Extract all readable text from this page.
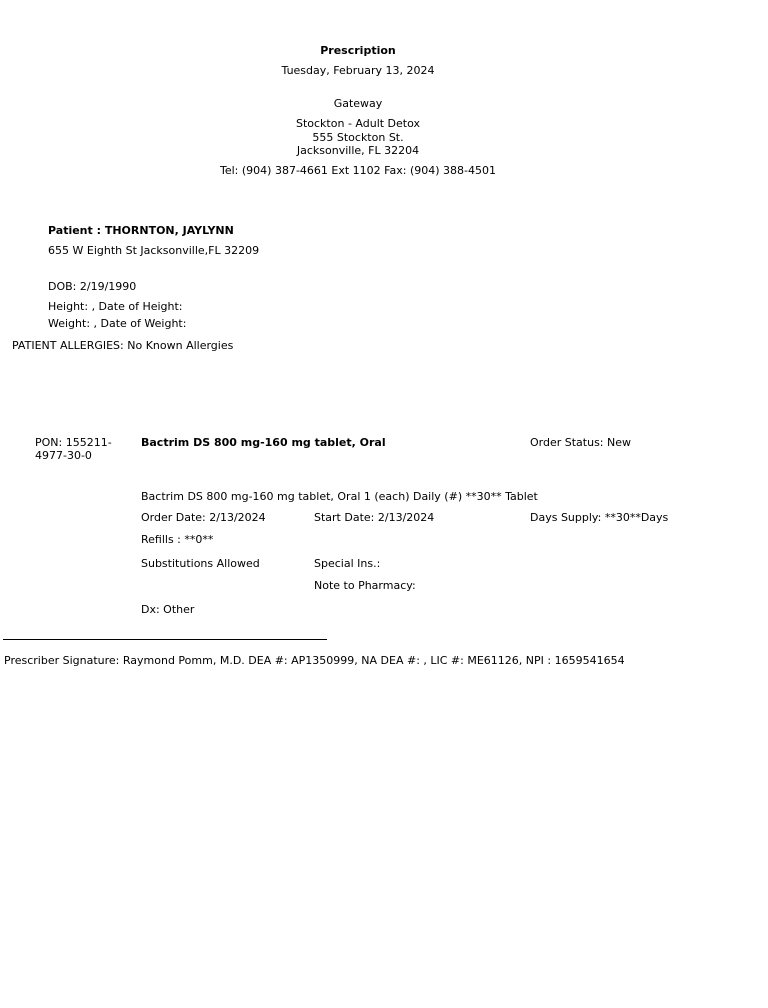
Prescription
Tuesday, February 13, 2024
Gateway
Stockton - Adult Detox
555 Stockton St.
Jacksonville, FL 32204
Tel: (904) 387-4661 Ext 1102 Fax: (904) 388-4501
Patient : THORNTON, JAYLYNN
655 W Eighth St Jacksonville,FL 32209
DOB: 2/19/1990
Height: , Date of Height:
Weight: , Date of Weight:
PATIENT ALLERGIES: No Known Allergies
PON: 155211-4977-30-0
Bactrim DS 800 mg-160 mg tablet, Oral	Order Status: New
Bactrim DS 800 mg-160 mg tablet, Oral 1 (each) Daily (#) **30** Tablet
Order Date: 2/13/2024	Start Date: 2/13/2024	Days Supply: **30**Days
Refills : **0**
Substitutions Allowed	Special Ins.:
Note to Pharmacy:
Dx: Other
Prescriber Signature: Raymond Pomm, M.D. DEA #: AP1350999, NA DEA #: , LIC #: ME61126, NPI : 1659541654
